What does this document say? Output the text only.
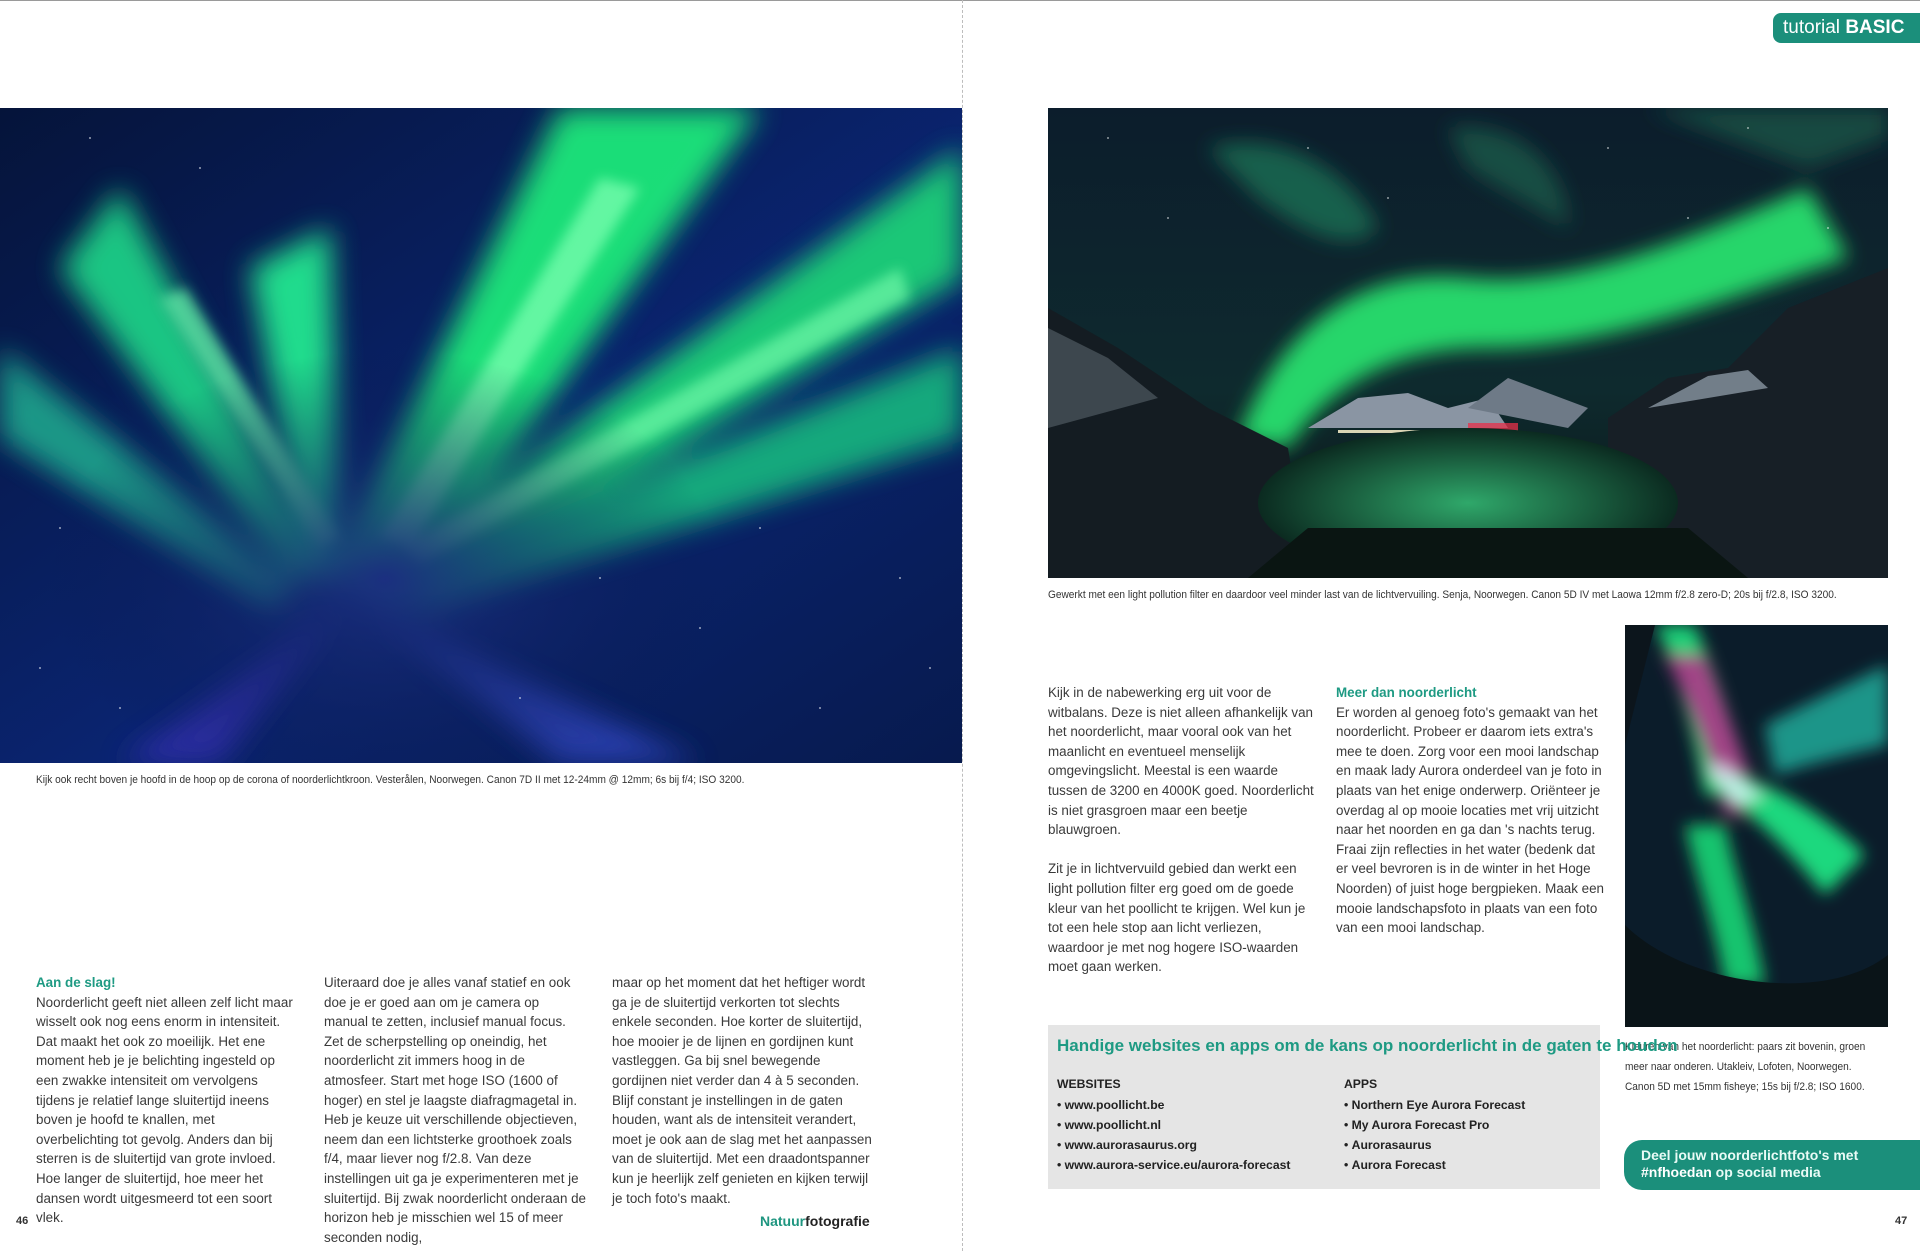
tutorial BASIC
Kijk ook recht boven je hoofd in de hoop op de corona of noorderlichtkroon. Vesterålen, Noorwegen. Canon 7D II met 12-24mm @ 12mm; 6s bij f/4; ISO 3200.
Aan de slag!
Noorderlicht geeft niet alleen zelf licht maar wisselt ook nog eens enorm in intensiteit. Dat maakt het ook zo moeilijk. Het ene moment heb je je belichting ingesteld op een zwakke intensiteit om vervolgens tijdens je relatief lange sluitertijd ineens boven je hoofd te knallen, met overbelichting tot gevolg. Anders dan bij sterren is de sluitertijd van grote invloed. Hoe langer de sluitertijd, hoe meer het dansen wordt uitgesmeerd tot een soort vlek.
Uiteraard doe je alles vanaf statief en ook doe je er goed aan om je camera op manual te zetten, inclusief manual focus. Zet de scherpstelling op oneindig, het noorderlicht zit immers hoog in de atmosfeer. Start met hoge ISO (1600 of hoger) en stel je laagste diafragmagetal in. Heb je keuze uit verschillende objectieven, neem dan een lichtsterke groothoek zoals f/4, maar liever nog f/2.8. Van deze instellingen uit ga je experimenteren met je sluitertijd. Bij zwak noorderlicht onderaan de horizon heb je misschien wel 15 of meer seconden nodig,
maar op het moment dat het heftiger wordt ga je de sluitertijd verkorten tot slechts enkele seconden. Hoe korter de sluitertijd, hoe mooier je de lijnen en gordijnen kunt vastleggen. Ga bij snel bewegende gordijnen niet verder dan 4 à 5 seconden. Blijf constant je instellingen in de gaten houden, want als de intensiteit verandert, moet je ook aan de slag met het aanpassen van de sluitertijd. Met een draadontspanner kun je heerlijk zelf genieten en kijken terwijl je toch foto's maakt.
46	Natuurfotografie
Gewerkt met een light pollution filter en daardoor veel minder last van de lichtvervuiling. Senja, Noorwegen. Canon 5D IV met Laowa 12mm f/2.8 zero-D; 20s bij f/2.8, ISO 3200.

Kijk in de nabewerking erg uit voor de witbalans. Deze is niet alleen afhankelijk van het noorderlicht, maar vooral ook van het maanlicht en eventueel menselijk omgevingslicht. Meestal is een waarde tussen de 3200 en 4000K goed. Noorderlicht is niet grasgroen maar een beetje blauwgroen.

Zit je in lichtvervuild gebied dan werkt een light pollution filter erg goed om de goede kleur van het poollicht te krijgen. Wel kun je tot een hele stop aan licht verliezen, waardoor je met nog hogere ISO-waarden moet gaan werken.

Meer dan noorderlicht
Er worden al genoeg foto's gemaakt van het noorderlicht. Probeer er daarom iets extra's mee te doen. Zorg voor een mooi landschap en maak lady Aurora onderdeel van je foto in plaats van het enige onderwerp. Oriënteer je overdag al op mooie locaties met vrij uitzicht naar het noorden en ga dan 's nachts terug. Fraai zijn reflecties in het water (bedenk dat er veel bevroren is in de winter in het Hoge Noorden) of juist hoge bergpieken. Maak een mooie landschapsfoto in plaats van een foto van een mooi landschap.
Kleuren van het noorderlicht: paars zit bovenin, groen meer naar onderen. Utakleiv, Lofoten, Noorwegen. Canon 5D met 15mm fisheye; 15s bij f/2.8; ISO 1600.
Handige websites en apps om de kans op noorderlicht in de gaten te houden
WEBSITES
• www.poollicht.be
• www.poollicht.nl
• www.aurorasaurus.org
• www.aurora-service.eu/aurora-forecast
APPS
• Northern Eye Aurora Forecast
• My Aurora Forecast Pro
• Aurorasaurus
• Aurora Forecast
Deel jouw noorderlichtfoto's met
#nfhoedan op social media
47
